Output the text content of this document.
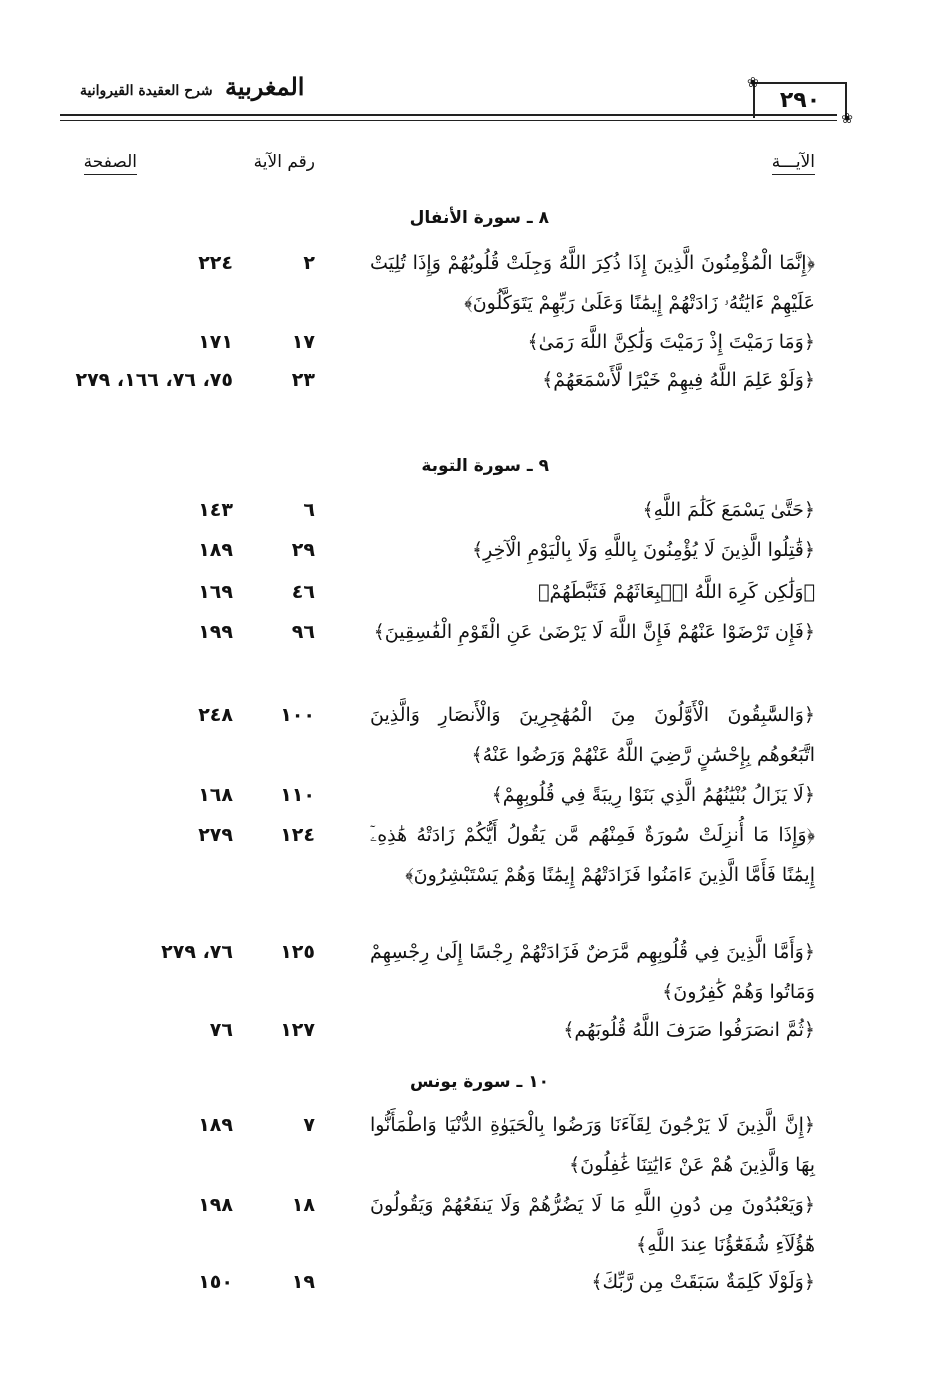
المغربية شرح العقيدة القيروانية	❀
٢٩٠
❀
الآيـــة
رقم الآية
الصفحة
٨ ـ سورة الأنفال
﴿إِنَّمَا الْمُؤْمِنُونَ الَّذِينَ إِذَا ذُكِرَ اللَّهُ وَجِلَتْ قُلُوبُهُمْ وَإِذَا تُلِيَتْ عَلَيْهِمْ ءَايَٰتُهُۥ زَادَتْهُمْ إِيمَٰنًا وَعَلَىٰ رَبِّهِمْ يَتَوَكَّلُونَ﴾
٢
٢٢٤
﴿وَمَا رَمَيْتَ إِذْ رَمَيْتَ وَلَٰكِنَّ اللَّهَ رَمَىٰ﴾
١٧
١٧١
﴿وَلَوْ عَلِمَ اللَّهُ فِيهِمْ خَيْرًا لَّأَسْمَعَهُمْ﴾
٢٣
٧٥، ٧٦، ١٦٦، ٢٧٩
٩ ـ سورة التوبة
﴿حَتَّىٰ يَسْمَعَ كَلَٰمَ اللَّهِ﴾
٦
١٤٣
﴿قَٰتِلُوا الَّذِينَ لَا يُؤْمِنُونَ بِاللَّهِ وَلَا بِالْيَوْمِ الْآخِرِ﴾
٢٩
١٨٩
﴿وَلَٰكِن كَرِهَ اللَّهُ انۢبِعَاثَهُمْ فَثَبَّطَهُمْ﴾
٤٦
١٦٩
﴿فَإِن تَرْضَوْا عَنْهُمْ فَإِنَّ اللَّهَ لَا يَرْضَىٰ عَنِ الْقَوْمِ الْفَٰسِقِينَ﴾
٩٦
١٩٩
﴿وَالسَّٰبِقُونَ الْأَوَّلُونَ مِنَ الْمُهَٰجِرِينَ وَالْأَنصَارِ وَالَّذِينَ اتَّبَعُوهُم بِإِحْسَٰنٍ رَّضِيَ اللَّهُ عَنْهُمْ وَرَضُوا عَنْهُ﴾
١٠٠
٢٤٨
﴿لَا يَزَالُ بُنْيَٰنُهُمُ الَّذِي بَنَوْا رِيبَةً فِي قُلُوبِهِمْ﴾
١١٠
١٦٨
﴿وَإِذَا مَا أُنزِلَتْ سُورَةٌ فَمِنْهُم مَّن يَقُولُ أَيُّكُمْ زَادَتْهُ هَٰذِهِۦٓ إِيمَٰنًا فَأَمَّا الَّذِينَ ءَامَنُوا فَزَادَتْهُمْ إِيمَٰنًا وَهُمْ يَسْتَبْشِرُونَ﴾
١٢٤
٢٧٩
﴿وَأَمَّا الَّذِينَ فِي قُلُوبِهِم مَّرَضٌ فَزَادَتْهُمْ رِجْسًا إِلَىٰ رِجْسِهِمْ وَمَاتُوا وَهُمْ كَٰفِرُونَ﴾
١٢٥
٧٦، ٢٧٩
﴿ثُمَّ انصَرَفُوا صَرَفَ اللَّهُ قُلُوبَهُم﴾
١٢٧
٧٦
١٠ ـ سورة يونس
﴿إِنَّ الَّذِينَ لَا يَرْجُونَ لِقَآءَنَا وَرَضُوا بِالْحَيَوٰةِ الدُّنْيَا وَاطْمَأَنُّوا بِهَا وَالَّذِينَ هُمْ عَنْ ءَايَٰتِنَا غَٰفِلُونَ﴾
٧
١٨٩
﴿وَيَعْبُدُونَ مِن دُونِ اللَّهِ مَا لَا يَضُرُّهُمْ وَلَا يَنفَعُهُمْ وَيَقُولُونَ هَٰٓؤُلَآءِ شُفَعَٰٓؤُنَا عِندَ اللَّهِ﴾
١٨
١٩٨
﴿وَلَوْلَا كَلِمَةٌ سَبَقَتْ مِن رَّبِّكَ﴾
١٩
١٥٠
